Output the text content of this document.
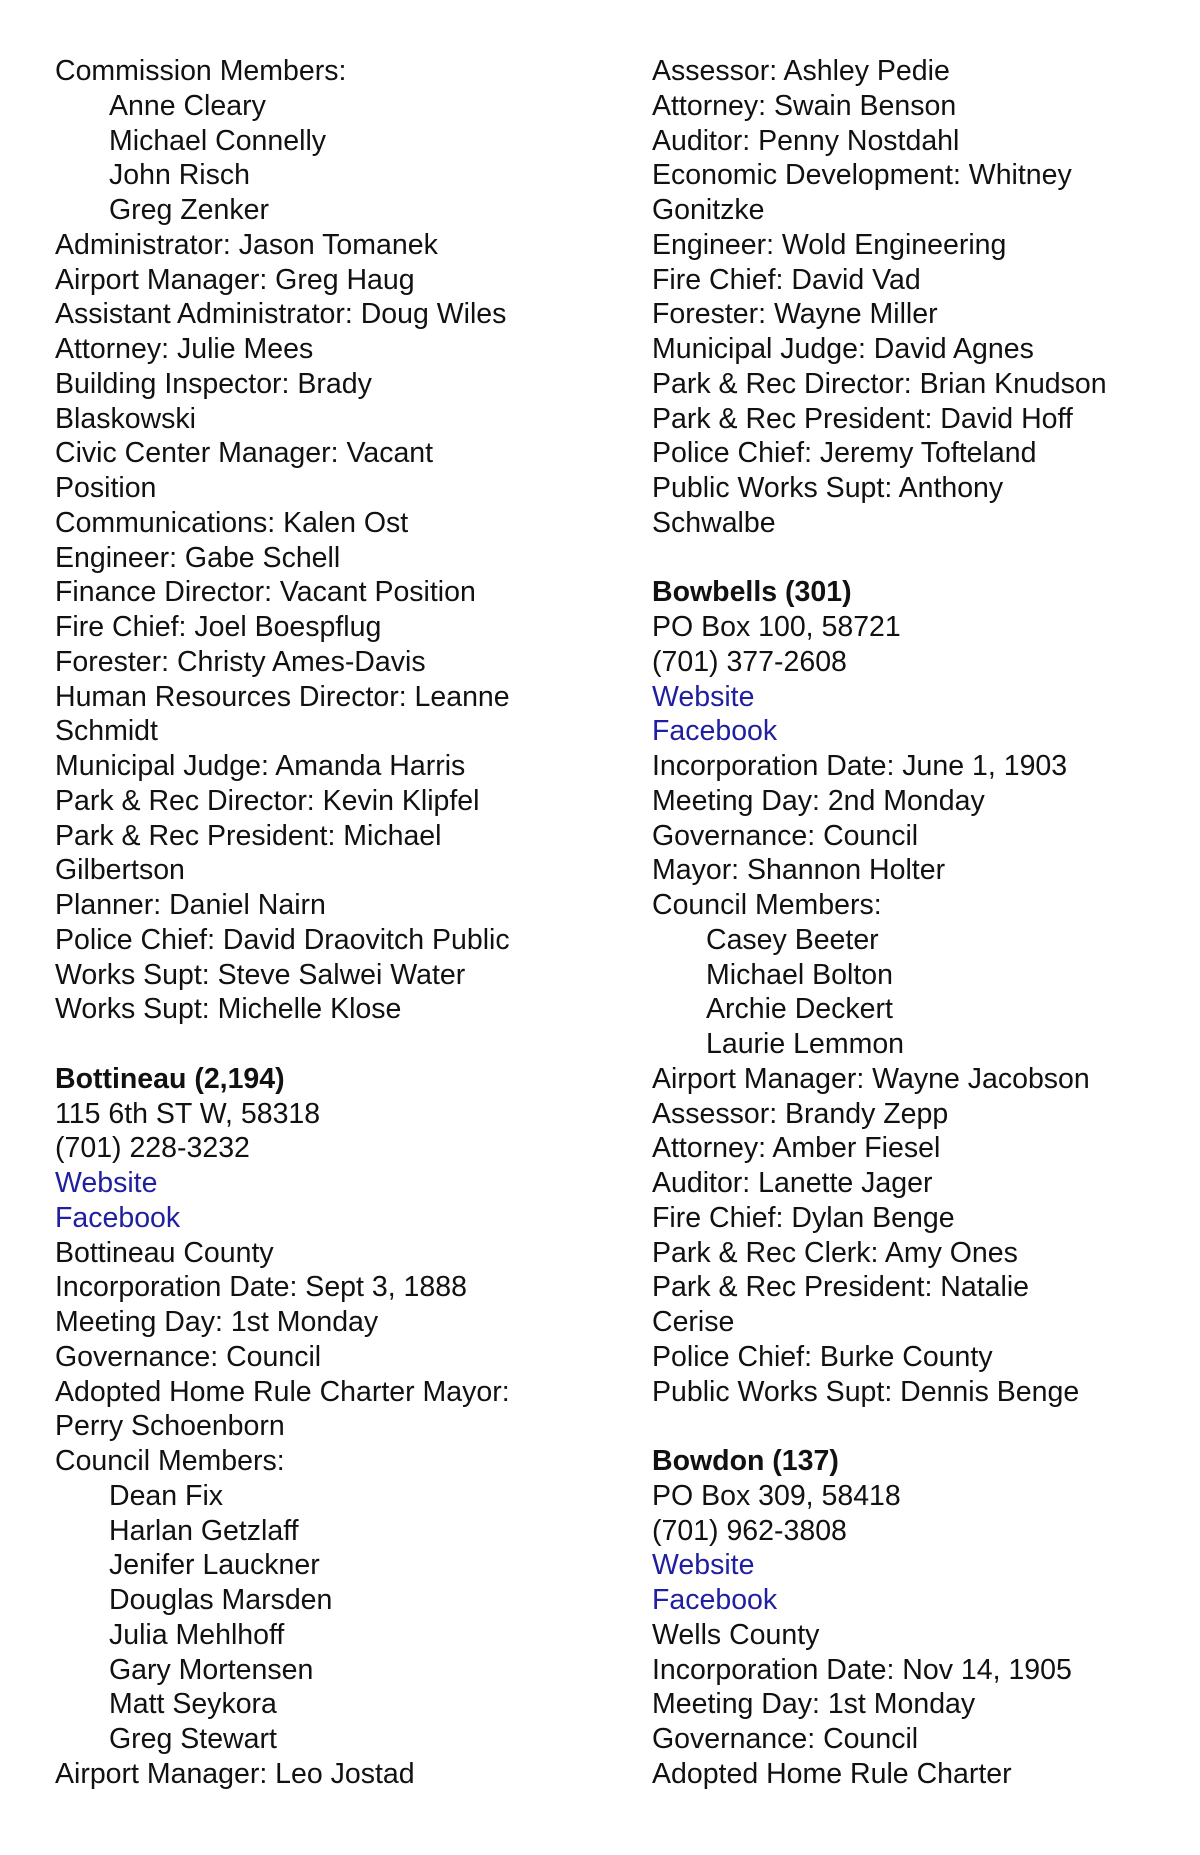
Commission Members:
Anne Cleary
Michael Connelly
John Risch
Greg Zenker
Administrator: Jason Tomanek
Airport Manager: Greg Haug
Assistant Administrator: Doug Wiles
Attorney: Julie Mees
Building Inspector: Brady
Blaskowski
Civic Center Manager: Vacant
Position
Communications: Kalen Ost
Engineer: Gabe Schell
Finance Director: Vacant Position
Fire Chief: Joel Boespflug
Forester: Christy Ames-Davis
Human Resources Director: Leanne
Schmidt
Municipal Judge: Amanda Harris
Park & Rec Director: Kevin Klipfel
Park & Rec President: Michael
Gilbertson
Planner: Daniel Nairn
Police Chief: David Draovitch Public
Works Supt: Steve Salwei Water
Works Supt: Michelle Klose
Bottineau (2,194)
115 6th ST W, 58318
(701) 228-3232
Website
Facebook
Bottineau County
Incorporation Date: Sept 3, 1888
Meeting Day: 1st Monday
Governance: Council
Adopted Home Rule Charter Mayor:
Perry Schoenborn
Council Members:
Dean Fix
Harlan Getzlaff
Jenifer Lauckner
Douglas Marsden
Julia Mehlhoff
Gary Mortensen
Matt Seykora
Greg Stewart
Airport Manager: Leo Jostad
Assessor: Ashley Pedie
Attorney: Swain Benson
Auditor: Penny Nostdahl
Economic Development: Whitney
Gonitzke
Engineer: Wold Engineering
Fire Chief: David Vad
Forester: Wayne Miller
Municipal Judge: David Agnes
Park & Rec Director: Brian Knudson
Park & Rec President: David Hoff
Police Chief: Jeremy Tofteland
Public Works Supt: Anthony
Schwalbe
Bowbells (301)
PO Box 100, 58721
(701) 377-2608
Website
Facebook
Incorporation Date: June 1, 1903
Meeting Day: 2nd Monday
Governance: Council
Mayor: Shannon Holter
Council Members:
Casey Beeter
Michael Bolton
Archie Deckert
Laurie Lemmon
Airport Manager: Wayne Jacobson
Assessor: Brandy Zepp
Attorney: Amber Fiesel
Auditor: Lanette Jager
Fire Chief: Dylan Benge
Park & Rec Clerk: Amy Ones
Park & Rec President: Natalie
Cerise
Police Chief: Burke County
Public Works Supt: Dennis Benge
Bowdon (137)
PO Box 309, 58418
(701) 962-3808
Website
Facebook
Wells County
Incorporation Date: Nov 14, 1905
Meeting Day: 1st Monday
Governance: Council
Adopted Home Rule Charter
